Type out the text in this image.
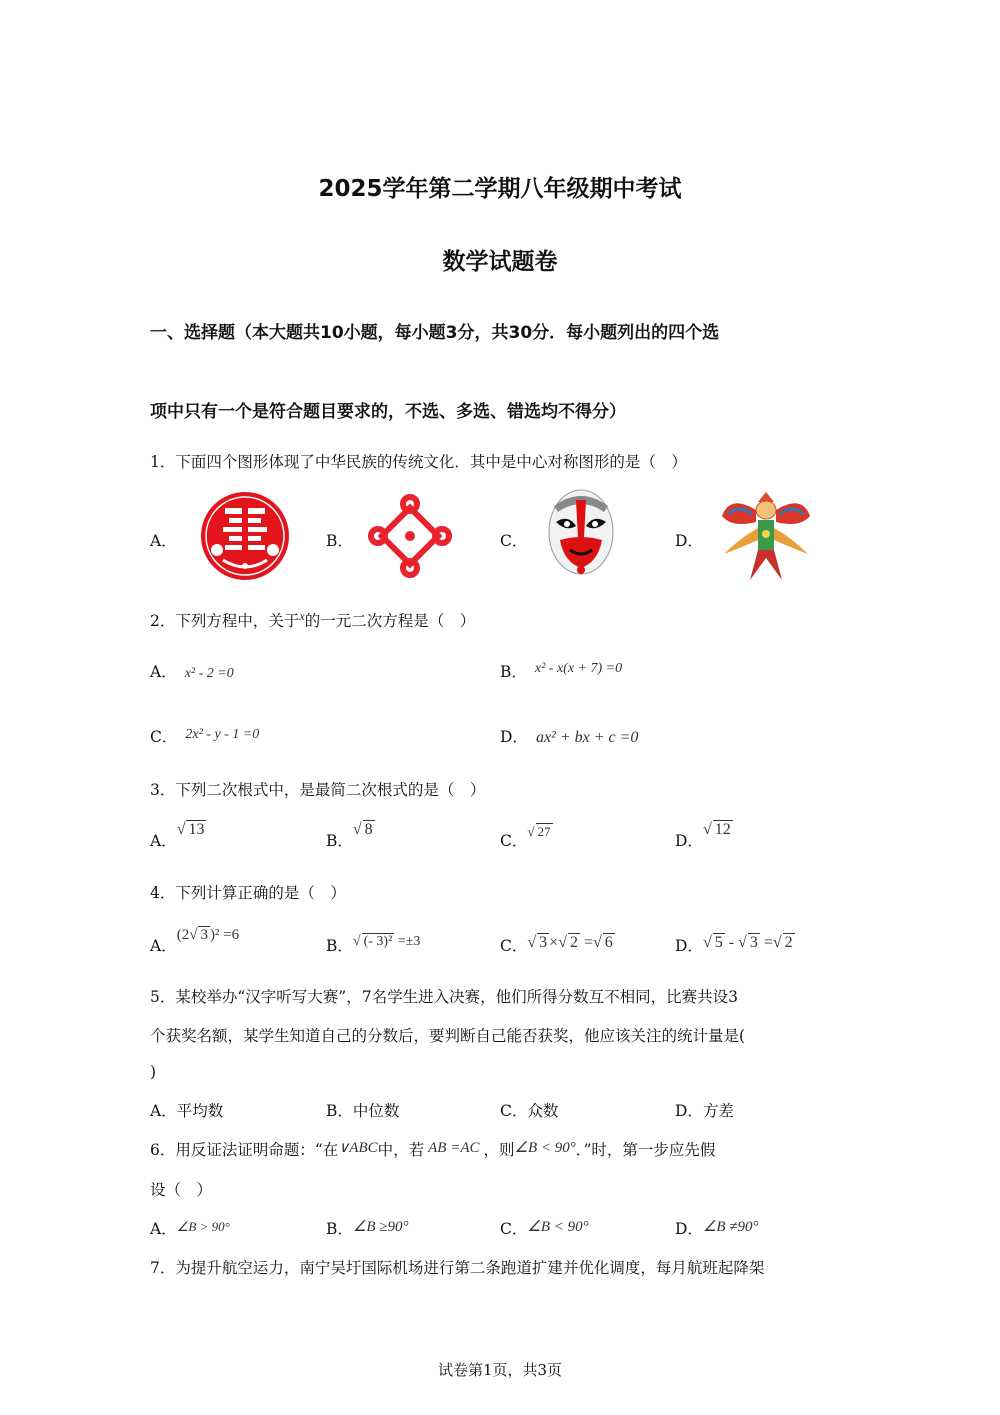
2025学年第二学期八年级期中考试
数学试题卷
一、选择题（本大题共10小题，每小题3分，共30分．每小题列出的四个选
项中只有一个是符合题目要求的，不选、多选、错选均不得分）
1．下面四个图形体现了中华民族的传统文化．其中是中心对称图形的是（　）
A．	B．	C．	D．
2．下列方程中，关于$^x$的一元二次方程是（　）
A． x² - 2 =0	B． x² - x(x + 7) =0
C． 2x² - y - 1 =0	D． ax² + bx + c =0
3．下列二次根式中，是最简二次根式的是（　）
A．√ 13
B．√ 8
C．$^{√ 27}$
D．√ 12
4．下列计算正确的是（　）
A．(2√ 3 )² =6
B．√ (- 3)² =±3	C．√ 3 ×√ 2 =√ 6	D．√ 5 - √ 3 =√ 2
5．某校举办“汉字听写大赛”，7名学生进入决赛，他们所得分数互不相同，比赛共设3
个获奖名额，某学生知道自己的分数后，要判断自己能否获奖，他应该关注的统计量是(
)
A．平均数	B．中位数	C．众数	D．方差
6．用反证法证明命题：“在∨ABC中，若 AB =AC ，则∠B < 90°．”时，第一步应先假
设（　）
A．∠B > 90°	B．∠B ≥90°	C．∠B < 90°	D．∠B ≠90°
7．为提升航空运力，南宁吴圩国际机场进行第二条跑道扩建并优化调度，每月航班起降架
试卷第1页，共3页
